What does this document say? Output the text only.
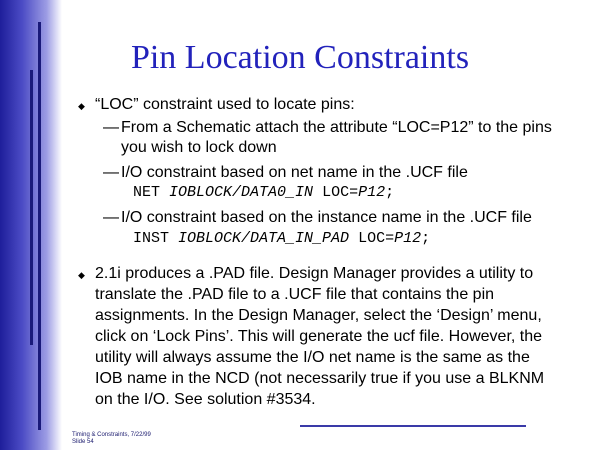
Pin Location Constraints
◆ “LOC” constraint used to locate pins:
— From a Schematic attach the attribute “LOC=P12” to the pins
you wish to lock down
— I/O constraint based on net name in the .UCF file
NET IOBLOCK/DATA0_IN LOC=P12;
— I/O constraint based on the instance name in the .UCF file
INST IOBLOCK/DATA_IN_PAD LOC=P12;
◆ 2.1i produces a .PAD file. Design Manager provides a utility to translate the .PAD file to a .UCF file that contains the pin assignments. In the Design Manager, select the ‘Design’ menu, click on ‘Lock Pins’. This will generate the ucf file. However, the utility will always assume the I/O net name is the same as the IOB name in the NCD (not necessarily true if you use a BLKNM on the I/O. See solution #3534.
Timing & Constraints, 7/22/99
Slide 54
